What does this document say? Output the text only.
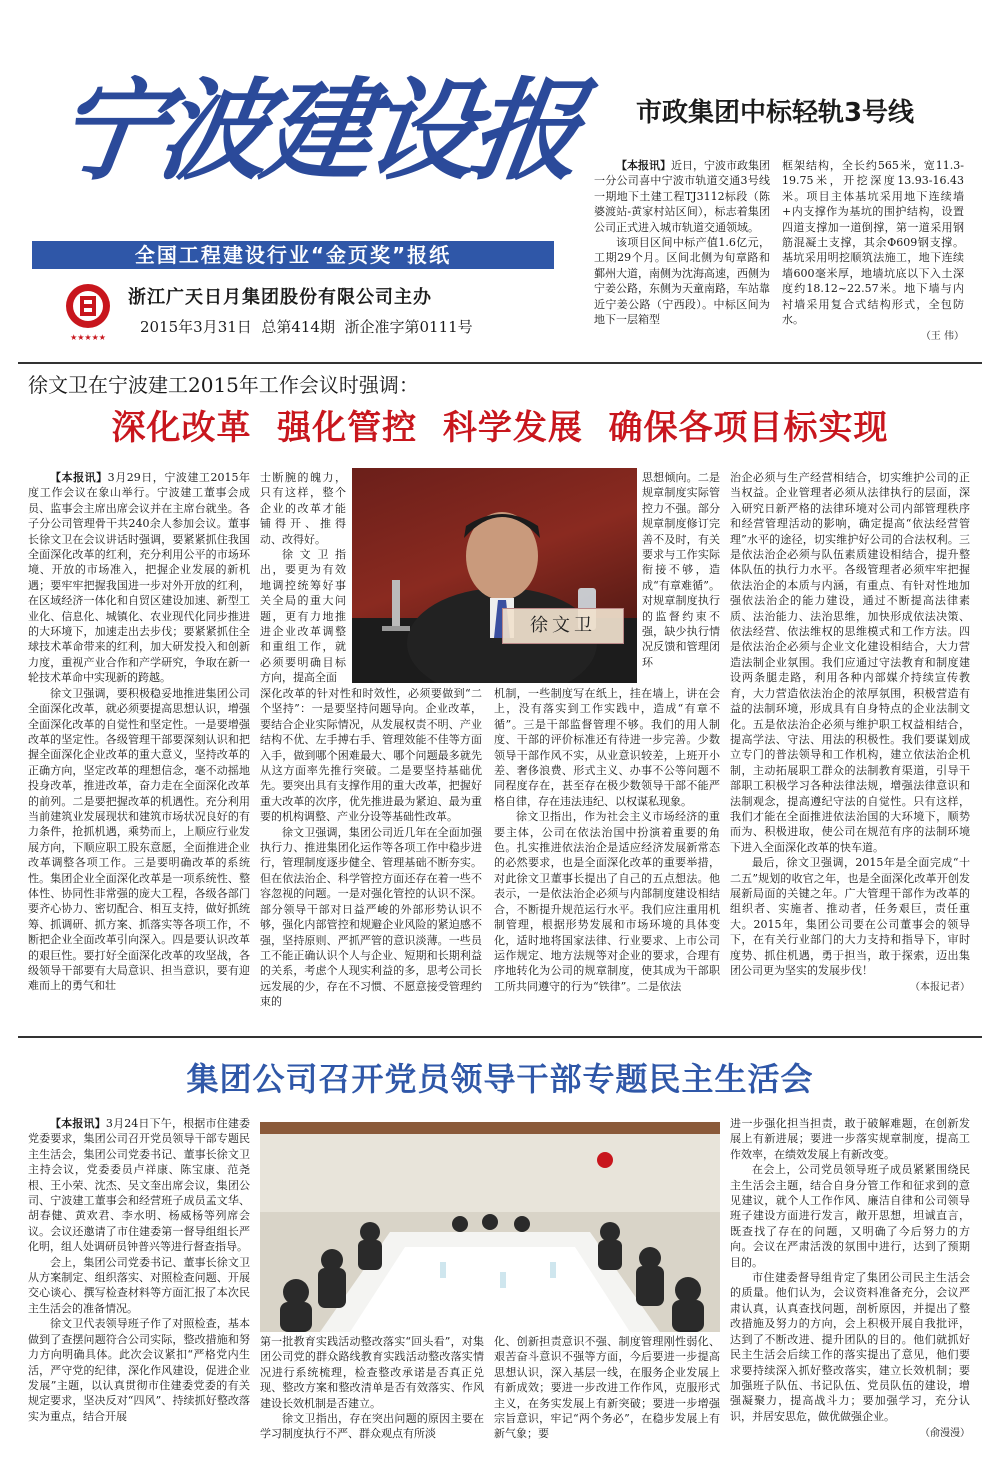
宁波建设报
全国工程建设行业“金页奖”报纸
★★★★★
浙江广天日月集团股份有限公司主办
2015年3月31日  总第414期  浙企准字第0111号
市政集团中标轻轨3号线

【本报讯】近日，宁波市政集团一分公司喜中宁波市轨道交通3号线一期地下土建工程TJ3112标段（陈婆渡站-黄家村站区间），标志着集团公司正式进入城市轨道交通领域。

该项目区间中标产值1.6亿元，工期29个月。区间北侧为旬章路和鄞州大道，南侧为沈海高速，西侧为宁姜公路，东侧为天童南路，车站靠近宁姜公路（宁西段）。中标区间为地下一层箱型

框架结构，全长约565米，宽11.3-19.75米，开挖深度13.93-16.43米。项目主体基坑采用地下连续墙+内支撑作为基坑的围护结构，设置四道支撑加一道倒撑，第一道采用钢筋混凝土支撑，其余Φ609钢支撑。基坑采用明挖顺筑法施工，地下连续墙600毫米厚，地墙坑底以下入土深度约18.12~22.57米。地下墙与内衬墙采用复合式结构形式，全包防水。

（王 伟）
徐文卫在宁波建工2015年工作会议时强调：
深化改革  强化管控  科学发展  确保各项目标实现
徐文卫

【本报讯】3月29日，宁波建工2015年度工作会议在象山举行。宁波建工董事会成员、监事会主席出席会议并在主席台就坐。各子分公司管理骨干共240余人参加会议。董事长徐文卫在会议讲话时强调，要紧紧抓住我国全面深化改革的红利，充分利用公平的市场环境、开放的市场准入，把握企业发展的新机遇；要牢牢把握我国进一步对外开放的红利，在区域经济一体化和自贸区建设加速、新型工业化、信息化、城镇化、农业现代化同步推进的大环境下，加速走出去步伐；要紧紧抓住全球技术革命带来的红利，加大研发投入和创新力度，重视产业合作和产学研究，争取在新一轮技术革命中实现新的跨越。

徐文卫强调，要积极稳妥地推进集团公司全面深化改革，就必须要提高思想认识，增强全面深化改革的自觉性和坚定性。一是要增强改革的坚定性。各级管理干部要深刻认识和把握全面深化企业改革的重大意义，坚持改革的正确方向，坚定改革的理想信念，毫不动摇地投身改革，推进改革，奋力走在全面深化改革的前列。二是要把握改革的机遇性。充分利用当前建筑业发展现状和建筑市场状况良好的有力条件，抢抓机遇，乘势而上，上顺应行业发展方向，下顺应职工股东意愿，全面推进企业改革调整各项工作。三是要明确改革的系统性。集团企业全面深化改革是一项系统性、整体性、协同性非常强的庞大工程，各级各部门要齐心协力、密切配合、相互支持，做好抓统筹、抓调研、抓方案、抓落实等各项工作，不断把企业全面改革引向深入。四是要认识改革的艰巨性。要打好全面深化改革的攻坚战，各级领导干部要有大局意识、担当意识，要有迎难而上的勇气和壮

士断腕的魄力，只有这样，整个企业的改革才能铺得开、推得动、改得好。

徐文卫指出，要更为有效地调控统筹好事关全局的重大问题，更有力地推进企业改革调整和重组工作，就必须要明确目标方向，提高全面

深化改革的针对性和时效性，必须要做到“二个坚持”：一是要坚持问题导向。企业改革，要结合企业实际情况，从发展权责不明、产业结构不优、左手搏右手、管理效能不佳等方面入手，做到哪个困难最大、哪个问题最多就先从这方面率先推行突破。二是要坚持基础优先。要突出具有支撑作用的重大改革，把握好重大改革的次序，优先推进最为紧迫、最为重要的机构调整、产业分设等基础性改革。

徐文卫强调，集团公司近几年在全面加强执行力、推进集团化运作等各项工作中稳步进行，管理制度逐步健全、管理基础不断夯实。但在依法治企、科学管控方面还存在着一些不容忽视的问题。一是对强化管控的认识不深。部分领导干部对日益严峻的外部形势认识不够，强化内部管控和规避企业风险的紧迫感不强，坚持原则、严抓严管的意识淡薄。一些员工不能正确认识个人与企业、短期和长期利益的关系，考虑个人现实利益的多，思考公司长远发展的少，存在不习惯、不愿意接受管理约束的

思想倾向。二是规章制度实际管控力不强。部分规章制度修订完善不及时，有关要求与工作实际衔接不够，造成“有章难循”。对规章制度执行的监督约束不强，缺少执行情况反馈和管理闭环

机制，一些制度写在纸上，挂在墙上，讲在会上，没有落实到工作实践中，造成“有章不循”。三是干部监督管理不够。我们的用人制度、干部的评价标准还有待进一步完善。少数领导干部作风不实，从业意识较差，上班开小差、奢侈浪费、形式主义、办事不公等问题不同程度存在，甚至存在极少数领导干部不能严格自律，存在违法违纪、以权谋私现象。

徐文卫指出，作为社会主义市场经济的重要主体，公司在依法治国中扮演着重要的角色。扎实推进依法治企是适应经济发展新常态的必然要求，也是全面深化改革的重要举措，对此徐文卫董事长提出了自己的五点想法。他表示，一是依法治企必须与内部制度建设相结合，不断提升规范运行水平。我们应注重用机制管理，根据形势发展和市场环境的具体变化，适时地将国家法律、行业要求、上市公司运作规定、地方法规等对企业的要求，合理有序地转化为公司的规章制度，使其成为干部职工所共同遵守的行为“铁律”。二是依法

治企必须与生产经营相结合，切实维护公司的正当权益。企业管理者必须从法律执行的层面，深入研究日新严格的法律环境对公司内部管理秩序和经营管理活动的影响，确定提高“依法经营管理”水平的途径，切实维护好公司的合法权利。三是依法治企必须与队伍素质建设相结合，提升整体队伍的执行力水平。各级管理者必须牢牢把握依法治企的本质与内涵，有重点、有针对性地加强依法治企的能力建设，通过不断提高法律素质、法治能力、法治思维，加快形成依法决策、依法经营、依法维权的思维模式和工作方法。四是依法治企必须与企业文化建设相结合，大力营造法制企业氛围。我们应通过守法教育和制度建设两条腿走路，利用各种内部媒介持续宣传教育，大力营造依法治企的浓厚氛围，积极营造有益的法制环境，形成具有自身特点的企业法制文化。五是依法治企必须与维护职工权益相结合，提高学法、守法、用法的积极性。我们要谋划成立专门的普法领导和工作机构，建立依法治企机制，主动拓展职工群众的法制教育渠道，引导干部职工积极学习各种法律法规，增强法律意识和法制观念，提高遵纪守法的自觉性。只有这样，我们才能在全面推进依法治国的大环境下，顺势而为、积极进取，使公司在规范有序的法制环境下进入全面深化改革的快车道。

最后，徐文卫强调，2015年是全面完成“十二五”规划的收官之年，也是全面深化改革开创发展新局面的关键之年。广大管理干部作为改革的组织者、实施者、推动者，任务艰巨，责任重大。2015年，集团公司要在公司董事会的领导下，在有关行业部门的大力支持和指导下，审时度势、抓住机遇，勇于担当，敢于探索，迈出集团公司更为坚实的发展步伐！

（本报记者）
集团公司召开党员领导干部专题民主生活会

【本报讯】3月24日下午，根据市住建委党委要求，集团公司召开党员领导干部专题民主生活会，集团公司党委书记、董事长徐文卫主持会议，党委委员卢祥康、陈宝康、范尧根、王小荣、沈杰、吴文奎出席会议，集团公司、宁波建工董事会和经营班子成员孟文华、胡春健、黄欢君、李水明、杨威杨等列席会议。会议还邀请了市住建委第一督导组组长严化明，组人处调研员钟普兴等进行督查指导。

会上，集团公司党委书记、董事长徐文卫从方案制定、组织落实、对照检查问题、开展交心谈心、撰写检查材料等方面汇报了本次民主生活会的准备情况。

徐文卫代表领导班子作了对照检查，基本做到了查摆问题符合公司实际，整改措施和努力方向明确具体。此次会议紧扣“严格党内生活，严守党的纪律，深化作风建设，促进企业发展”主题，以认真贯彻市住建委党委的有关规定要求，坚决反对“四风”、持续抓好整改落实为重点，结合开展

第一批教育实践活动整改落实“回头看”，对集团公司党的群众路线教育实践活动整改落实情况进行系统梳理，检查整改承诺是否真正兑现、整改方案和整改清单是否有效落实、作风建设长效机制是否建立。

徐文卫指出，存在突出问题的原因主要在学习制度执行不严、群众观点有所淡

化、创新担责意识不强、制度管理刚性弱化、艰苦奋斗意识不强等方面，今后要进一步提高思想认识，深入基层一线，在服务企业发展上有新成效；要进一步改进工作作风，克服形式主义，在务实发展上有新突破；要进一步增强宗旨意识，牢记“两个务必”，在稳步发展上有新气象；要

进一步强化担当担责，敢于破解难题，在创新发展上有新进展；要进一步落实规章制度，提高工作效率，在绩效发展上有新改变。

在会上，公司党员领导班子成员紧紧围绕民主生活会主题，结合自身分管工作和征求到的意见建议，就个人工作作风、廉洁自律和公司领导班子建设方面进行发言，敞开思想，坦诚直言，既查找了存在的问题，又明确了今后努力的方向。会议在严肃活泼的氛围中进行，达到了预期目的。

市住建委督导组肯定了集团公司民主生活会的质量。他们认为，会议资料准备充分，会议严肃认真，认真查找问题，剖析原因，并提出了整改措施及努力的方向，会上积极开展自我批评，达到了不断改进、提升团队的目的。他们就抓好民主生活会后续工作的落实提出了意见，他们要求要持续深入抓好整改落实，建立长效机制；要加强班子队伍、书记队伍、党员队伍的建设，增强凝聚力，提高战斗力；要加强学习，充分认识，并居安思危，做优做强企业。

（俞漫漫）
